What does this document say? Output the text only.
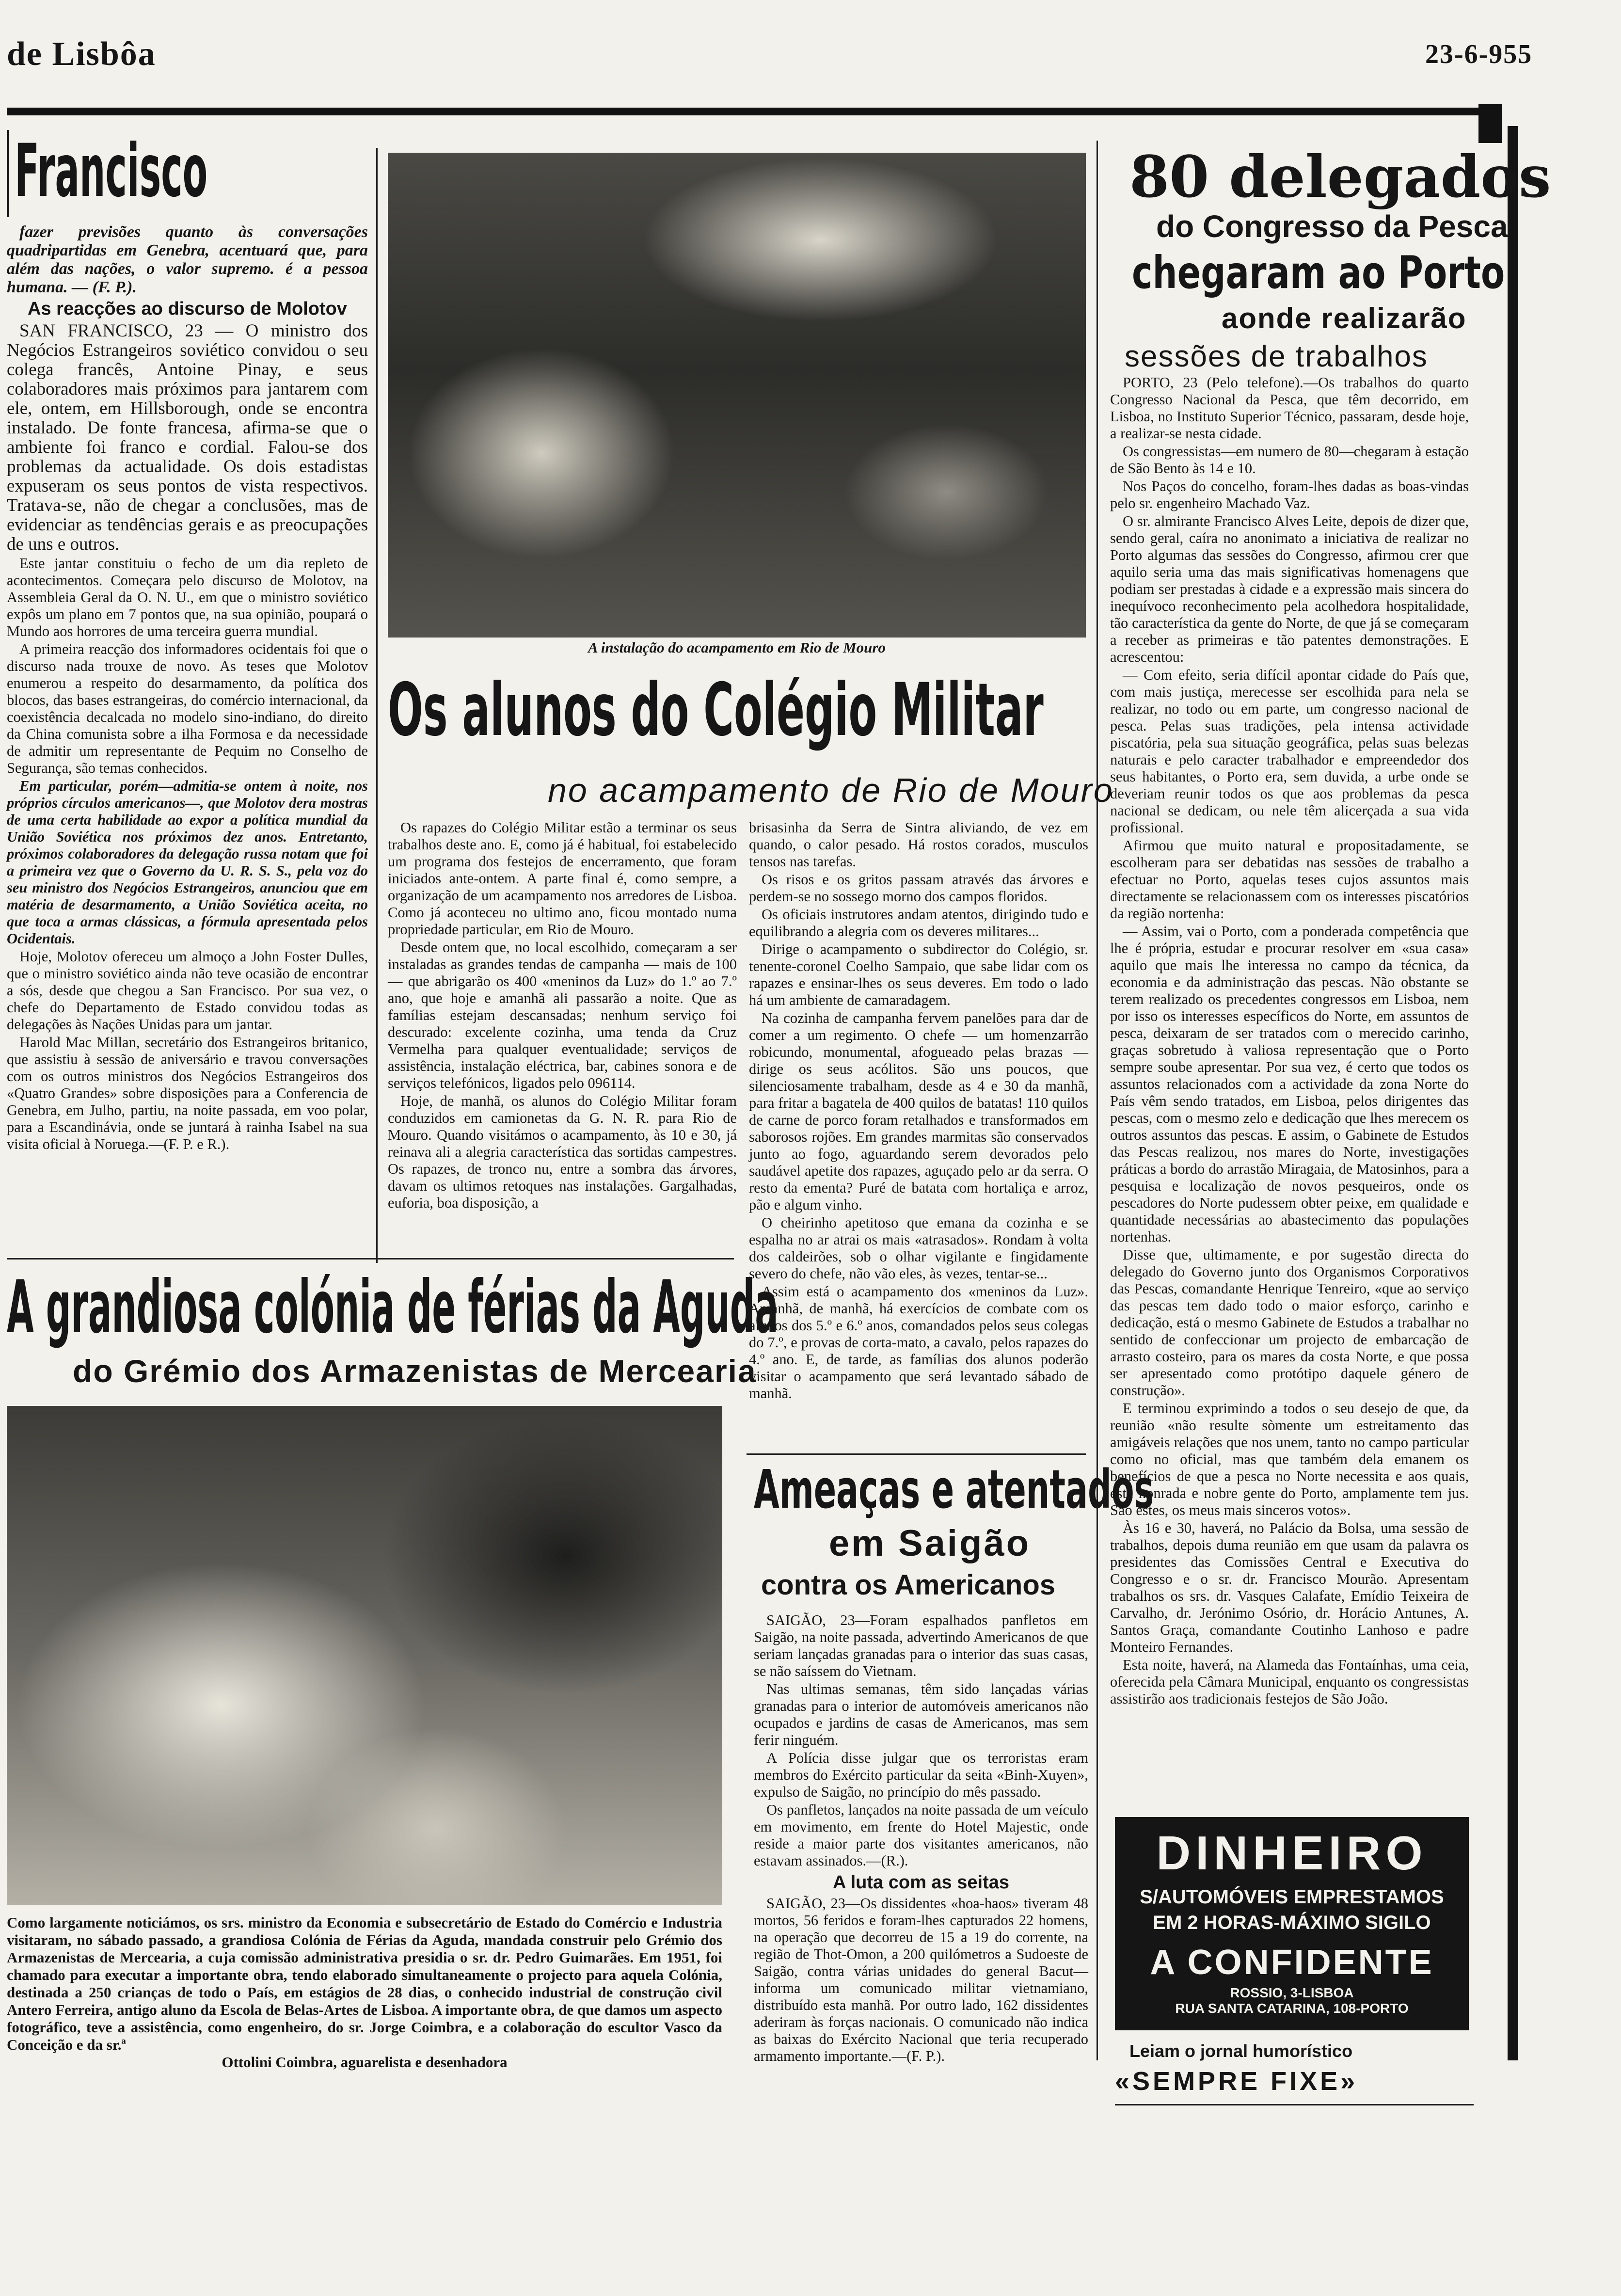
de Lisbôa	23-6-955
Francisco

fazer previsões quanto às conversações quadripartidas em Genebra, acentuará que, para além das nações, o valor supremo. é a pessoa humana. — (F. P.).

As reacções ao discurso de Molotov

SAN FRANCISCO, 23 — O ministro dos Negócios Estrangeiros soviético convidou o seu colega francês, Antoine Pinay, e seus colaboradores mais próximos para jantarem com ele, ontem, em Hillsborough, onde se encontra instalado. De fonte francesa, afirma-se que o ambiente foi franco e cordial. Falou-se dos problemas da actualidade. Os dois estadistas expuseram os seus pontos de vista respectivos. Tratava-se, não de chegar a conclusões, mas de evidenciar as tendências gerais e as preocupações de uns e outros.

Este jantar constituiu o fecho de um dia repleto de acontecimentos. Começara pelo discurso de Molotov, na Assembleia Geral da O. N. U., em que o ministro soviético expôs um plano em 7 pontos que, na sua opinião, poupará o Mundo aos horrores de uma terceira guerra mundial.

A primeira reacção dos informadores ocidentais foi que o discurso nada trouxe de novo. As teses que Molotov enumerou a respeito do desarmamento, da política dos blocos, das bases estrangeiras, do comércio internacional, da coexistência decalcada no modelo sino-indiano, do direito da China comunista sobre a ilha Formosa e da necessidade de admitir um representante de Pequim no Conselho de Segurança, são temas conhecidos.

Em particular, porém—admitia-se ontem à noite, nos próprios círculos americanos—, que Molotov dera mostras de uma certa habilidade ao expor a política mundial da União Soviética nos próximos dez anos. Entretanto, próximos colaboradores da delegação russa notam que foi a primeira vez que o Governo da U. R. S. S., pela voz do seu ministro dos Negócios Estrangeiros, anunciou que em matéria de desarmamento, a União Soviética aceita, no que toca a armas clássicas, a fórmula apresentada pelos Ocidentais.

Hoje, Molotov ofereceu um almoço a John Foster Dulles, que o ministro soviético ainda não teve ocasião de encontrar a sós, desde que chegou a San Francisco. Por sua vez, o chefe do Departamento de Estado convidou todas as delegações às Nações Unidas para um jantar.

Harold Mac Millan, secretário dos Estrangeiros britanico, que assistiu à sessão de aniversário e travou conversações com os outros ministros dos Negócios Estrangeiros dos «Quatro Grandes» sobre disposições para a Conferencia de Genebra, em Julho, partiu, na noite passada, em voo polar, para a Escandinávia, onde se juntará à rainha Isabel na sua visita oficial à Noruega.—(F. P. e R.).

A instalação do acampamento em Rio de Mouro
Os alunos do Colégio Militar
no acampamento de Rio de Mouro

Os rapazes do Colégio Militar estão a terminar os seus trabalhos deste ano. E, como já é habitual, foi estabelecido um programa dos festejos de encerramento, que foram iniciados ante-ontem. A parte final é, como sempre, a organização de um acampamento nos arredores de Lisboa. Como já aconteceu no ultimo ano, ficou montado numa propriedade particular, em Rio de Mouro.

Desde ontem que, no local escolhido, começaram a ser instaladas as grandes tendas de campanha — mais de 100 — que abrigarão os 400 «meninos da Luz» do 1.º ao 7.º ano, que hoje e amanhã ali passarão a noite. Que as famílias estejam descansadas; nenhum serviço foi descurado: excelente cozinha, uma tenda da Cruz Vermelha para qualquer eventualidade; serviços de assistência, instalação eléctrica, bar, cabines sonora e de serviços telefónicos, ligados pelo 096114.

Hoje, de manhã, os alunos do Colégio Militar foram conduzidos em camionetas da G. N. R. para Rio de Mouro. Quando visitámos o acampamento, às 10 e 30, já reinava ali a alegria característica das sortidas campestres. Os rapazes, de tronco nu, entre a sombra das árvores, davam os ultimos retoques nas instalações. Gargalhadas, euforia, boa disposição, a

brisasinha da Serra de Sintra aliviando, de vez em quando, o calor pesado. Há rostos corados, musculos tensos nas tarefas.

Os risos e os gritos passam através das árvores e perdem-se no sossego morno dos campos floridos.

Os oficiais instrutores andam atentos, dirigindo tudo e equilibrando a alegria com os deveres militares...

Dirige o acampamento o subdirector do Colégio, sr. tenente-coronel Coelho Sampaio, que sabe lidar com os rapazes e ensinar-lhes os seus deveres. Em todo o lado há um ambiente de camaradagem.

Na cozinha de campanha fervem panelões para dar de comer a um regimento. O chefe — um homenzarrão robicundo, monumental, afogueado pelas brazas — dirige os seus acólitos. São uns poucos, que silenciosamente trabalham, desde as 4 e 30 da manhã, para fritar a bagatela de 400 quilos de batatas! 110 quilos de carne de porco foram retalhados e transformados em saborosos rojões. Em grandes marmitas são conservados junto ao fogo, aguardando serem devorados pelo saudável apetite dos rapazes, aguçado pelo ar da serra. O resto da ementa? Puré de batata com hortaliça e arroz, pão e algum vinho.

O cheirinho apetitoso que emana da cozinha e se espalha no ar atrai os mais «atrasados». Rondam à volta dos caldeirões, sob o olhar vigilante e fingidamente severo do chefe, não vão eles, às vezes, tentar-se...

Assim está o acampamento dos «meninos da Luz». Amanhã, de manhã, há exercícios de combate com os alunos dos 5.º e 6.º anos, comandados pelos seus colegas do 7.º, e provas de corta-mato, a cavalo, pelos rapazes do 4.º ano. E, de tarde, as famílias dos alunos poderão visitar o acampamento que será levantado sábado de manhã.

A grandiosa colónia de férias da Aguda
do Grémio dos Armazenistas de Mercearia
Como largamente noticiámos, os srs. ministro da Economia e subsecretário de Estado do Comércio e Industria visitaram, no sábado passado, a grandiosa Colónia de Férias da Aguda, mandada construir pelo Grémio dos Armazenistas de Mercearia, a cuja comissão administrativa presidia o sr. dr. Pedro Guimarães. Em 1951, foi chamado para executar a importante obra, tendo elaborado simultaneamente o projecto para aquela Colónia, destinada a 250 crianças de todo o País, em estágios de 28 dias, o conhecido industrial de construção civil Antero Ferreira, antigo aluno da Escola de Belas-Artes de Lisboa. A importante obra, de que damos um aspecto fotográfico, teve a assistência, como engenheiro, do sr. Jorge Coimbra, e a colaboração do escultor Vasco da Conceição e da sr.ª
Ottolini Coimbra, aguarelista e desenhadora
Ameaças e atentados
em Saigão
contra os Americanos

SAIGÃO, 23—Foram espalhados panfletos em Saigão, na noite passada, advertindo Americanos de que seriam lançadas granadas para o interior das suas casas, se não saíssem do Vietnam.

Nas ultimas semanas, têm sido lançadas várias granadas para o interior de automóveis americanos não ocupados e jardins de casas de Americanos, mas sem ferir ninguém.

A Polícia disse julgar que os terroristas eram membros do Exército particular da seita «Binh-Xuyen», expulso de Saigão, no princípio do mês passado.

Os panfletos, lançados na noite passada de um veículo em movimento, em frente do Hotel Majestic, onde reside a maior parte dos visitantes americanos, não estavam assinados.—(R.).

A luta com as seitas

SAIGÃO, 23—Os dissidentes «hoa-haos» tiveram 48 mortos, 56 feridos e foram-lhes capturados 22 homens, na operação que decorreu de 15 a 19 do corrente, na região de Thot-Omon, a 200 quilómetros a Sudoeste de Saigão, contra várias unidades do general Bacut—informa um comunicado militar vietnamiano, distribuído esta manhã. Por outro lado, 162 dissidentes aderiram às forças nacionais. O comunicado não indica as baixas do Exército Nacional que teria recuperado armamento importante.—(F. P.).

80 delegados
do Congresso da Pesca
chegaram ao Porto
aonde realizarão
sessões de trabalhos

PORTO, 23 (Pelo telefone).—Os trabalhos do quarto Congresso Nacional da Pesca, que têm decorrido, em Lisboa, no Instituto Superior Técnico, passaram, desde hoje, a realizar-se nesta cidade.

Os congressistas—em numero de 80—chegaram à estação de São Bento às 14 e 10.

Nos Paços do concelho, foram-lhes dadas as boas-vindas pelo sr. engenheiro Machado Vaz.

O sr. almirante Francisco Alves Leite, depois de dizer que, sendo geral, caíra no anonimato a iniciativa de realizar no Porto algumas das sessões do Congresso, afirmou crer que aquilo seria uma das mais significativas homenagens que podiam ser prestadas à cidade e a expressão mais sincera do inequívoco reconhecimento pela acolhedora hospitalidade, tão característica da gente do Norte, de que já se começaram a receber as primeiras e tão patentes demonstrações. E acrescentou:

— Com efeito, seria difícil apontar cidade do País que, com mais justiça, merecesse ser escolhida para nela se realizar, no todo ou em parte, um congresso nacional de pesca. Pelas suas tradições, pela intensa actividade piscatória, pela sua situação geográfica, pelas suas belezas naturais e pelo caracter trabalhador e empreendedor dos seus habitantes, o Porto era, sem duvida, a urbe onde se deveriam reunir todos os que aos problemas da pesca nacional se dedicam, ou nele têm alicerçada a sua vida profissional.

Afirmou que muito natural e propositadamente, se escolheram para ser debatidas nas sessões de trabalho a efectuar no Porto, aquelas teses cujos assuntos mais directamente se relacionassem com os interesses piscatórios da região nortenha:

— Assim, vai o Porto, com a ponderada competência que lhe é própria, estudar e procurar resolver em «sua casa» aquilo que mais lhe interessa no campo da técnica, da economia e da administração das pescas. Não obstante se terem realizado os precedentes congressos em Lisboa, nem por isso os interesses específicos do Norte, em assuntos de pesca, deixaram de ser tratados com o merecido carinho, graças sobretudo à valiosa representação que o Porto sempre soube apresentar. Por sua vez, é certo que todos os assuntos relacionados com a actividade da zona Norte do País vêm sendo tratados, em Lisboa, pelos dirigentes das pescas, com o mesmo zelo e dedicação que lhes merecem os outros assuntos das pescas. E assim, o Gabinete de Estudos das Pescas realizou, nos mares do Norte, investigações práticas a bordo do arrastão Miragaia, de Matosinhos, para a pesquisa e localização de novos pesqueiros, onde os pescadores do Norte pudessem obter peixe, em qualidade e quantidade necessárias ao abastecimento das populações nortenhas.

Disse que, ultimamente, e por sugestão directa do delegado do Governo junto dos Organismos Corporativos das Pescas, comandante Henrique Tenreiro, «que ao serviço das pescas tem dado todo o maior esforço, carinho e dedicação, está o mesmo Gabinete de Estudos a trabalhar no sentido de confeccionar um projecto de embarcação de arrasto costeiro, para os mares da costa Norte, e que possa ser apresentado como protótipo daquele género de construção».

E terminou exprimindo a todos o seu desejo de que, da reunião «não resulte sòmente um estreitamento das amigáveis relações que nos unem, tanto no campo particular como no oficial, mas que também dela emanem os benefícios de que a pesca no Norte necessita e aos quais, esta honrada e nobre gente do Porto, amplamente tem jus. São estes, os meus mais sinceros votos».

Às 16 e 30, haverá, no Palácio da Bolsa, uma sessão de trabalhos, depois duma reunião em que usam da palavra os presidentes das Comissões Central e Executiva do Congresso e o sr. dr. Francisco Mourão. Apresentam trabalhos os srs. dr. Vasques Calafate, Emídio Teixeira de Carvalho, dr. Jerónimo Osório, dr. Horácio Antunes, A. Santos Graça, comandante Coutinho Lanhoso e padre Monteiro Fernandes.

Esta noite, haverá, na Alameda das Fontaínhas, uma ceia, oferecida pela Câmara Municipal, enquanto os congressistas assistirão aos tradicionais festejos de São João.

DINHEIRO
S/AUTOMÓVEIS EMPRESTAMOS
EM 2 HORAS-MÁXIMO SIGILO
A CONFIDENTE
ROSSIO, 3-LISBOA
RUA SANTA CATARINA, 108-PORTO
Leiam o jornal humorístico
«SEMPRE FIXE»
